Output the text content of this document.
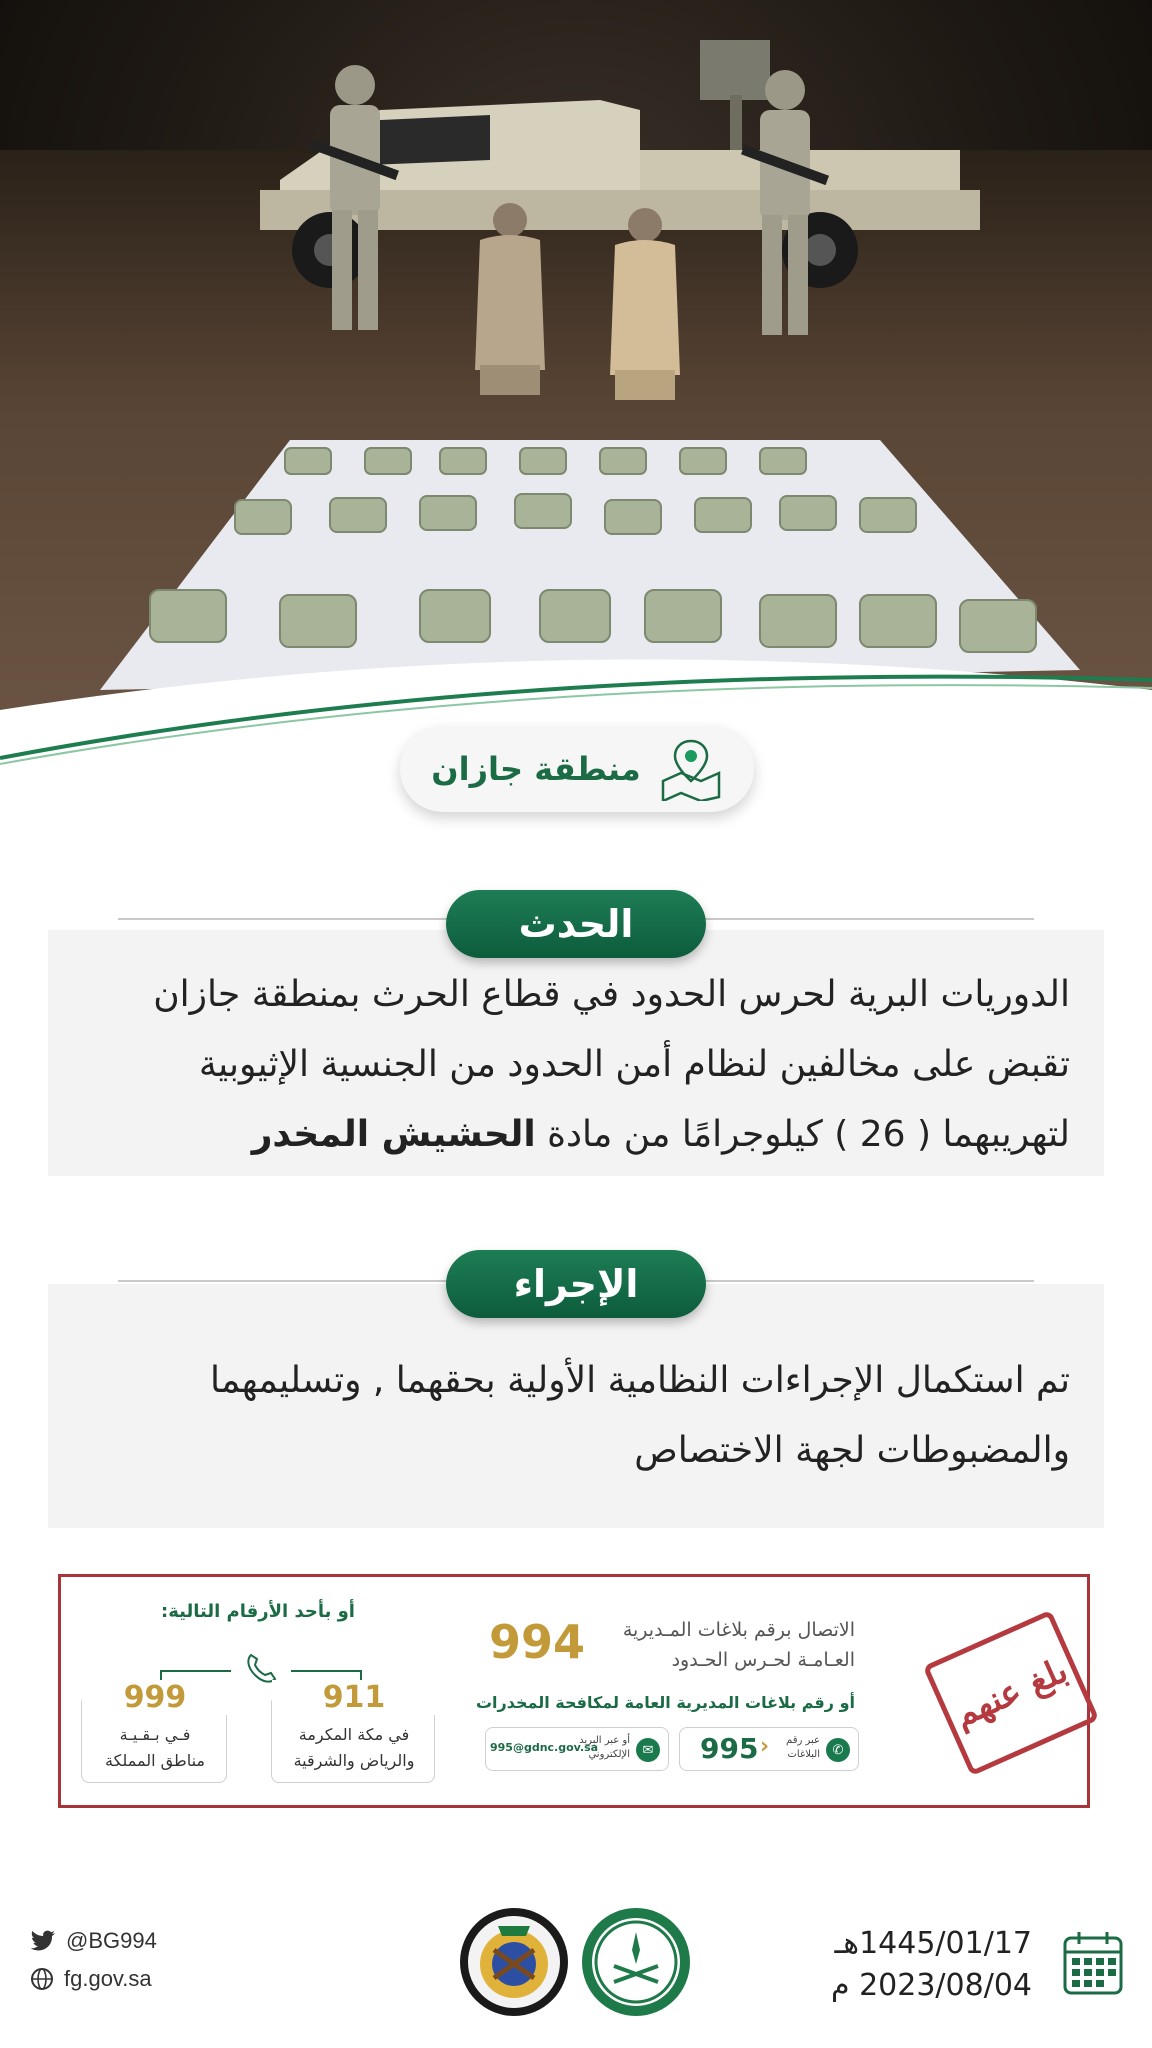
منطقة جازان
الحدث
الدوريات البرية لحرس الحدود في قطاع الحرث بمنطقة جازان
تقبض على مخالفين لنظام أمن الحدود من الجنسية الإثيوبية
لتهريبهما ( 26 ) كيلوجرامًا من مادة الحشيش المخدر
الإجراء
تم استكمال الإجراءات النظامية الأولية بحقهما , وتسليمهما
والمضبوطات لجهة الاختصاص
بلغ عنهم
الاتصال برقم بلاغات المـديرية
العـامـة لحـرس الحـدود
994
أو رقم بلاغات المديرية العامة لمكافحة المخدرات
✆
عبر رقم البلاغات
995 ‹
✉
أو عبر البريد الإلكتروني
995@gdnc.gov.sa
أو بأحد الأرقام التالية:
911
في مكة المكرمة
والرياض والشرقية
999
فـي بـقـيـة
مناطق المملكة
@BG994
fg.gov.sa
1445/01/17هـ
2023/08/04 م
